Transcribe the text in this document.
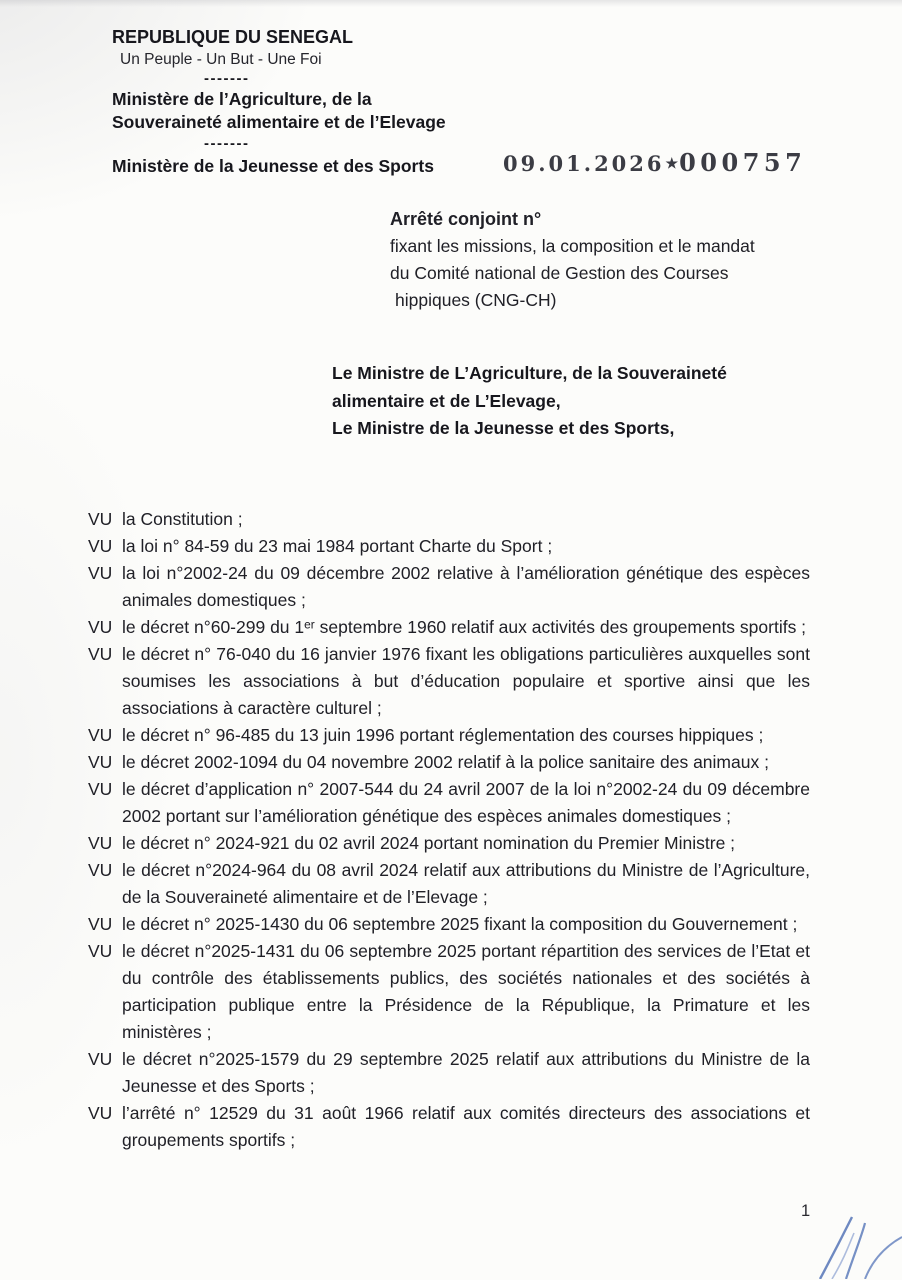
REPUBLIQUE DU SENEGAL
Un Peuple - Un But - Une Foi
-------
Ministère de l’Agriculture, de la
Souveraineté alimentaire et de l’Elevage
-------
Ministère de la Jeunesse et des Sports	09.01.2026★000757
Arrêté conjoint n°
fixant les missions, la composition et le mandat
du Comité national de Gestion des Courses
hippiques (CNG-CH)
Le Ministre de L’Agriculture, de la Souveraineté
alimentaire et de L’Elevage,
Le Ministre de la Jeunesse et des Sports,
VU la Constitution ;
VU la loi n° 84-59 du 23 mai 1984 portant Charte du Sport ;
VU la loi n°2002-24 du 09 décembre 2002 relative à l’amélioration génétique des espèces animales domestiques ;
VU le décret n°60-299 du 1ᵉʳ septembre 1960 relatif aux activités des groupements sportifs ;
VU le décret n° 76-040 du 16 janvier 1976 fixant les obligations particulières auxquelles sont soumises les associations à but d’éducation populaire et sportive ainsi que les associations à caractère culturel ;
VU le décret n° 96-485 du 13 juin 1996 portant réglementation des courses hippiques ;
VU le décret 2002-1094 du 04 novembre 2002 relatif à la police sanitaire des animaux ;
VU le décret d’application n° 2007-544 du 24 avril 2007 de la loi n°2002-24 du 09 décembre 2002 portant sur l’amélioration génétique des espèces animales domestiques ;
VU le décret n° 2024-921 du 02 avril 2024 portant nomination du Premier Ministre ;
VU le décret n°2024-964 du 08 avril 2024 relatif aux attributions du Ministre de l’Agriculture, de la Souveraineté alimentaire et de l’Elevage ;
VU le décret n° 2025-1430 du 06 septembre 2025 fixant la composition du Gouvernement ;
VU le décret n°2025-1431 du 06 septembre 2025 portant répartition des services de l’Etat et du contrôle des établissements publics, des sociétés nationales et des sociétés à participation publique entre la Présidence de la République, la Primature et les ministères ;
VU le décret n°2025-1579 du 29 septembre 2025 relatif aux attributions du Ministre de la Jeunesse et des Sports ;
VU l’arrêté n° 12529 du 31 août 1966 relatif aux comités directeurs des associations et groupements sportifs ;
1
